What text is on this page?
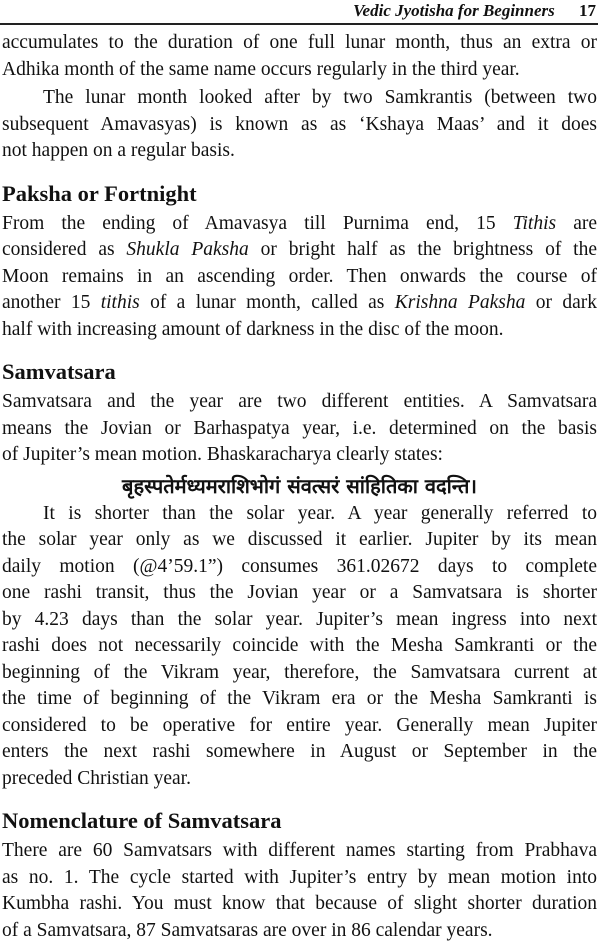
Vedic Jyotisha for Beginners 17
accumulates to the duration of one full lunar month, thus an extra or
Adhika month of the same name occurs regularly in the third year.
The lunar month looked after by two Samkrantis (between two
subsequent Amavasyas) is known as as ‘Kshaya Maas’ and it does
not happen on a regular basis.
Paksha or Fortnight
From the ending of Amavasya till Purnima end, 15 Tithis are
considered as Shukla Paksha or bright half as the brightness of the
Moon remains in an ascending order. Then onwards the course of
another 15 tithis of a lunar month, called as Krishna Paksha or dark
half with increasing amount of darkness in the disc of the moon.
Samvatsara
Samvatsara and the year are two different entities. A Samvatsara
means the Jovian or Barhaspatya year, i.e. determined on the basis
of Jupiter’s mean motion. Bhaskaracharya clearly states:
बृहस्पतेर्मध्यमराशिभोगं संवत्सरं सांहितिका वदन्ति।
It is shorter than the solar year. A year generally referred to
the solar year only as we discussed it earlier. Jupiter by its mean
daily motion (@4’59.1”) consumes 361.02672 days to complete
one rashi transit, thus the Jovian year or a Samvatsara is shorter
by 4.23 days than the solar year. Jupiter’s mean ingress into next
rashi does not necessarily coincide with the Mesha Samkranti or the
beginning of the Vikram year, therefore, the Samvatsara current at
the time of beginning of the Vikram era or the Mesha Samkranti is
considered to be operative for entire year. Generally mean Jupiter
enters the next rashi somewhere in August or September in the
preceded Christian year.
Nomenclature of Samvatsara
There are 60 Samvatsars with different names starting from Prabhava
as no. 1. The cycle started with Jupiter’s entry by mean motion into
Kumbha rashi. You must know that because of slight shorter duration
of a Samvatsara, 87 Samvatsaras are over in 86 calendar years.
